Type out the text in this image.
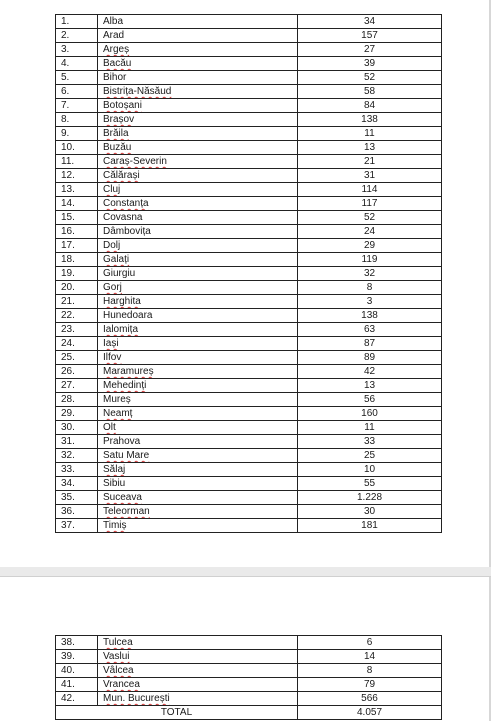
1.	Alba	34
2.	Arad	157
3.	Argeș	27
4.	Bacău	39
5.	Bihor	52
6.	Bistrița-Năsăud	58
7.	Botoșani	84
8.	Brașov	138
9.	Brăila	11
10.	Buzău	13
11.	Caraș-Severin	21
12.	Călărași	31
13.	Cluj	114
14.	Constanța	117
15.	Covasna	52
16.	Dâmbovița	24
17.	Dolj	29
18.	Galați	119
19.	Giurgiu	32
20.	Gorj	8
21.	Harghita	3
22.	Hunedoara	138
23.	Ialomița	63
24.	Iași	87
25.	Ilfov	89
26.	Maramureș	42
27.	Mehedinți	13
28.	Mureș	56
29.	Neamț	160
30.	Olt	11
31.	Prahova	33
32.	Satu Mare	25
33.	Sălaj	10
34.	Sibiu	55
35.	Suceava	1.228
36.	Teleorman	30
37.	Timiș	181
38.	Tulcea	6
39.	Vaslui	14
40.	Vâlcea	8
41.	Vrancea	79
42.	Mun. București	566
TOTAL		4.057
